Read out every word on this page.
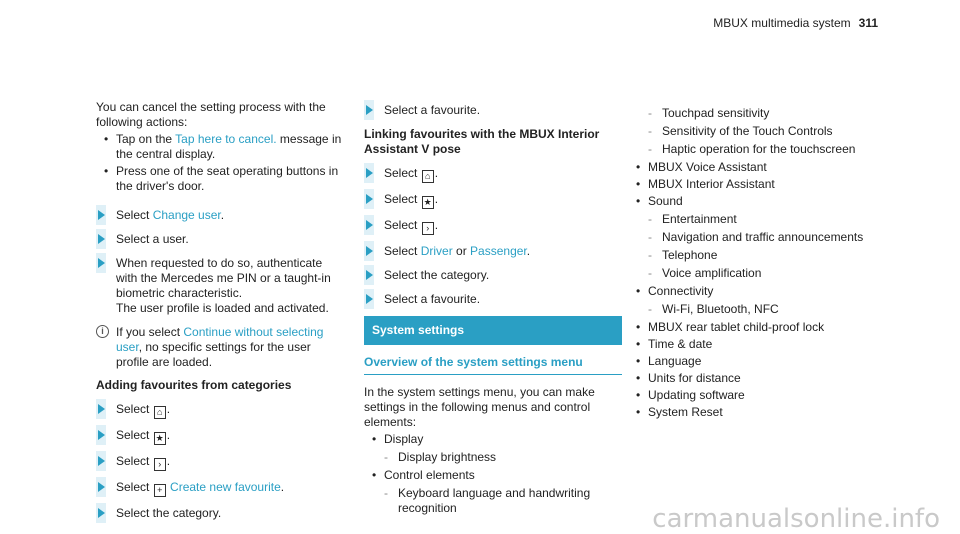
MBUX multimedia system 311

You can cancel the setting process with the following actions:

• Tap on the Tap here to cancel. message in the central display.
• Press one of the seat operating buttons in the driver's door.
Select Change user.
Select a user.
When requested to do so, authenticate with the Mercedes me PIN or a taught-in biometric characteristic.
The user profile is loaded and activated.
i	If you select Continue without selecting user, no specific settings for the user profile are loaded.
Adding favourites from categories
Select ⌂ .
Select ★ .
Select › .
Select + Create new favourite.
Select the category.
Select a favourite.
Linking favourites with the MBUX Interior Assistant V pose
Select ⌂ .
Select ★ .
Select › .
Select Driver or Passenger.
Select the category.
Select a favourite.
System settings
Overview of the system settings menu

In the system settings menu, you can make settings in the following menus and control elements:

• Display
- Display brightness
• Control elements
- Keyboard language and handwriting recognition
- Touchpad sensitivity
- Sensitivity of the Touch Controls
- Haptic operation for the touchscreen
• MBUX Voice Assistant
• MBUX Interior Assistant
• Sound
- Entertainment
- Navigation and traffic announcements
- Telephone
- Voice amplification
• Connectivity
- Wi-Fi, Bluetooth, NFC
• MBUX rear tablet child-proof lock
• Time & date
• Language
• Units for distance
• Updating software
• System Reset
carmanualsonline.info
